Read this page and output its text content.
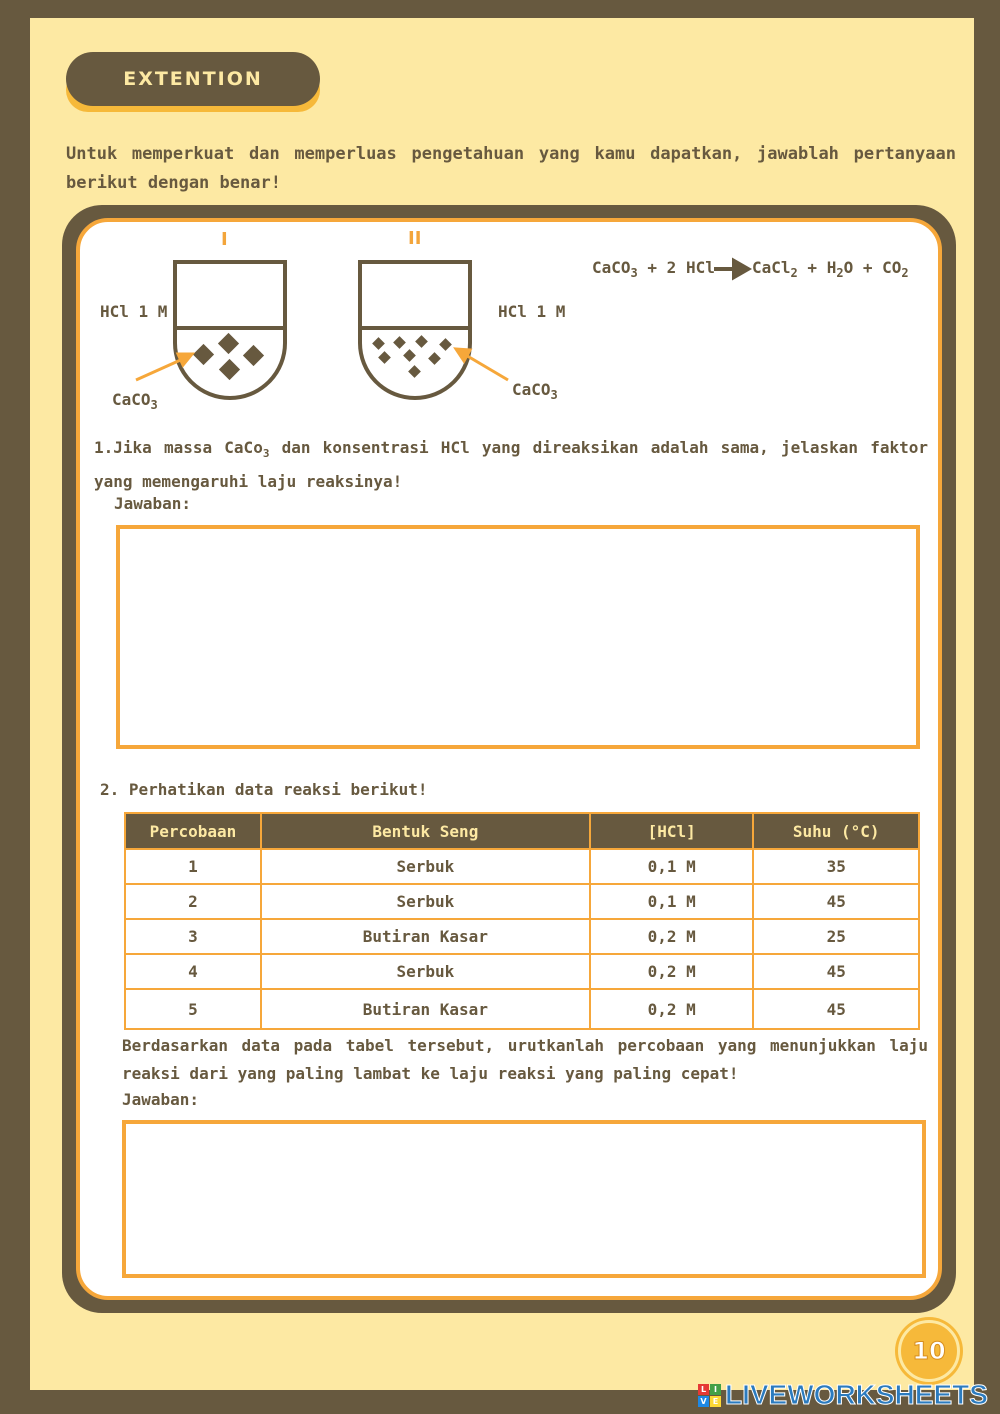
EXTENTION
Untuk memperkuat dan memperluas pengetahuan yang kamu dapatkan, jawablah pertanyaan berikut dengan benar!
I	II
HCl 1 M	HCl 1 M
CaCO$_3$
CaCO$_3$
CaCO$_3$ + 2 HCl CaCl$_2$ + $H_2O + CO_2$
1.Jika massa CaCo$_3$ dan konsentrasi HCl yang direaksikan adalah sama, jelaskan faktor yang memengaruhi laju reaksinya!
Jawaban:
2. Perhatikan data reaksi berikut!
Percobaan	Bentuk Seng	[HCl]	Suhu (°C)
1	Serbuk	0,1 M	35
2	Serbuk	0,1 M	45
3	Butiran Kasar	0,2 M	25
4	Serbuk	0,2 M	45
5	Butiran Kasar	0,2 M	45
Berdasarkan data pada tabel tersebut, urutkanlah percobaan yang menunjukkan laju reaksi dari yang paling lambat ke laju reaksi yang paling cepat!
Jawaban:
10
L I
V E LIVEWORKSHEETS
